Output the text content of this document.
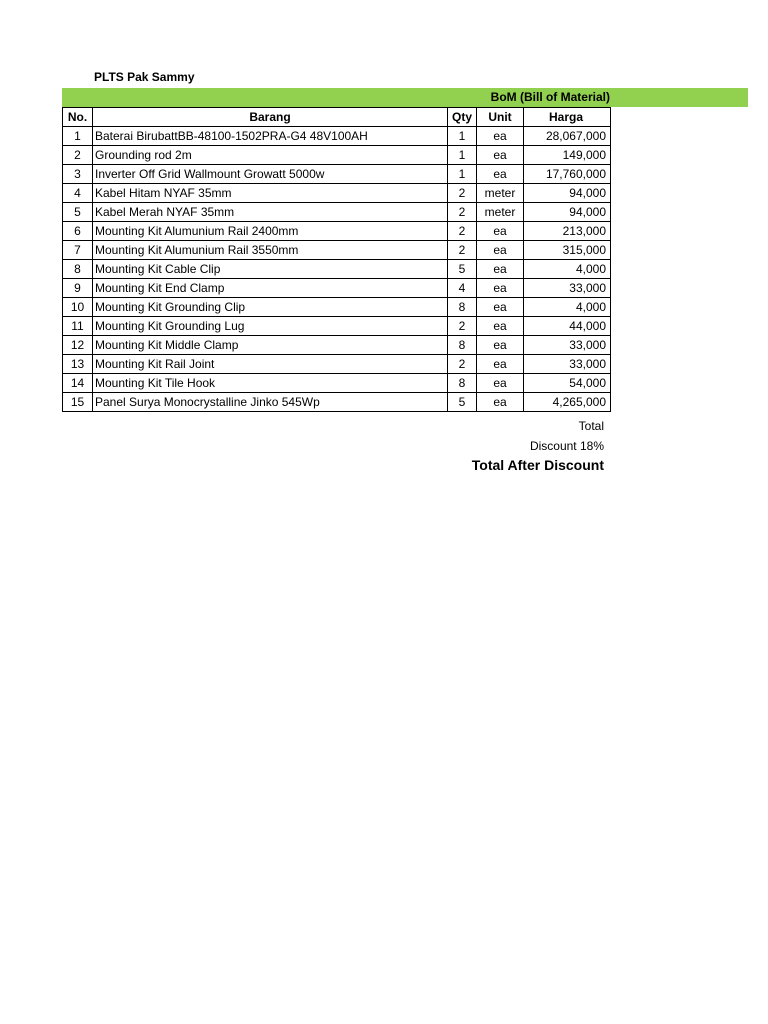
PLTS Pak Sammy
BoM (Bill of Material)
No.	Barang	Qty	Unit	Harga
1	Baterai BirubattBB-48100-1502PRA-G4 48V100AH	1	ea	28,067,000
2	Grounding rod 2m	1	ea	149,000
3	Inverter Off Grid Wallmount Growatt 5000w	1	ea	17,760,000
4	Kabel Hitam NYAF 35mm	2	meter	94,000
5	Kabel Merah NYAF 35mm	2	meter	94,000
6	Mounting Kit Alumunium Rail 2400mm	2	ea	213,000
7	Mounting Kit Alumunium Rail 3550mm	2	ea	315,000
8	Mounting Kit Cable Clip	5	ea	4,000
9	Mounting Kit End Clamp	4	ea	33,000
10	Mounting Kit Grounding Clip	8	ea	4,000
11	Mounting Kit Grounding Lug	2	ea	44,000
12	Mounting Kit Middle Clamp	8	ea	33,000
13	Mounting Kit Rail Joint	2	ea	33,000
14	Mounting Kit Tile Hook	8	ea	54,000
15	Panel Surya Monocrystalline Jinko 545Wp	5	ea	4,265,000
Total
Discount 18%
Total After Discount
